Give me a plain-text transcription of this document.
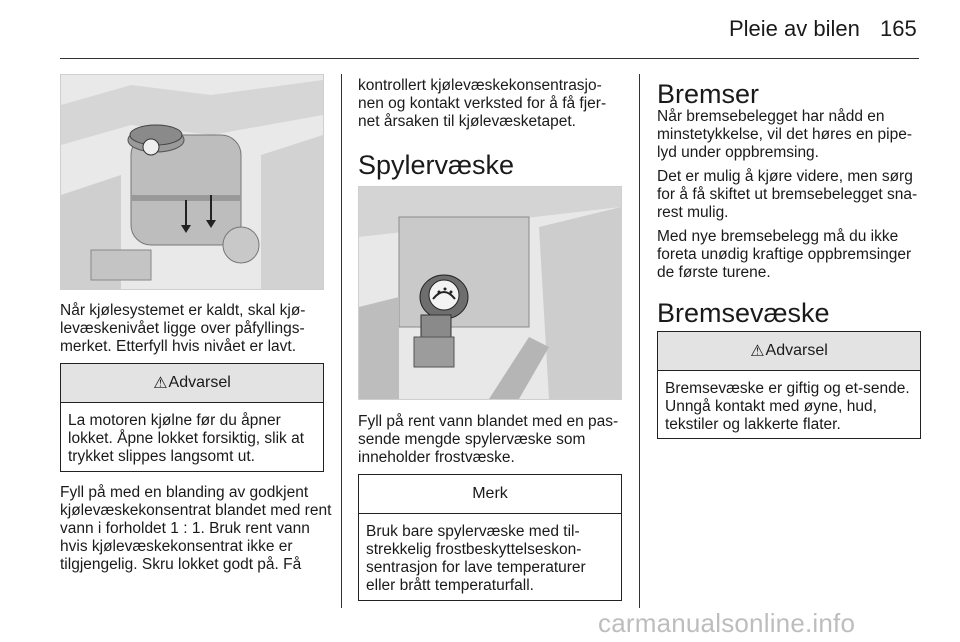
Pleie av bilen 165

Når kjølesystemet er kaldt, skal kjø-levæskenivået ligge over påfyllings-merket. Etterfyll hvis nivået er lavt.

⚠ Advarsel
La motoren kjølne før du åpner lokket. Åpne lokket forsiktig, slik at trykket slippes langsomt ut.

Fyll på med en blanding av godkjent kjølevæskekonsentrat blandet med rent vann i forholdet 1 : 1. Bruk rent vann hvis kjølevæskekonsentrat ikke er tilgjengelig. Skru lokket godt på. Få

kontrollert kjølevæskekonsentrasjo-nen og kontakt verksted for å få fjer-net årsaken til kjølevæsketapet.

Spylervæske

Fyll på rent vann blandet med en pas-sende mengde spylervæske som inneholder frostvæske.

Merk
Bruk bare spylervæske med til-strekkelig frostbeskyttelseskon-sentrasjon for lave temperaturer eller brått temperaturfall.
Bremser

Når bremsebelegget har nådd en minstetykkelse, vil det høres en pipe-lyd under oppbremsing.

Det er mulig å kjøre videre, men sørg for å få skiftet ut bremsebelegget sna-rest mulig.

Med nye bremsebelegg må du ikke foreta unødig kraftige oppbremsinger de første turene.

Bremsevæske
⚠ Advarsel
Bremsevæske er giftig og et-sende. Unngå kontakt med øyne, hud, tekstiler og lakkerte flater.
carmanualsonline.info
